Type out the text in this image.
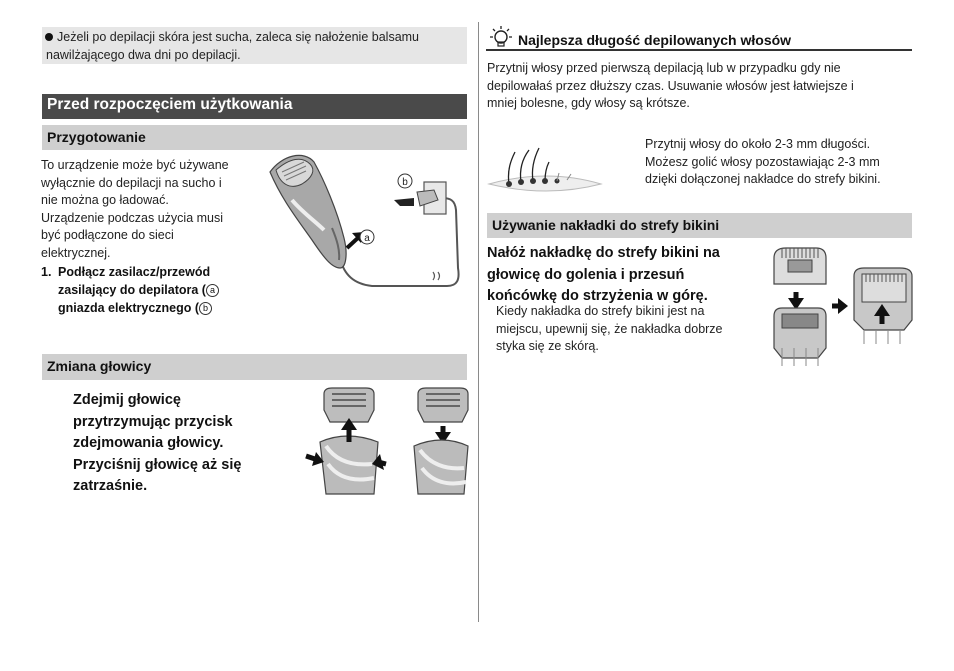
Jeżeli po depilacji skóra jest sucha, zaleca się nałożenie balsamu
nawilżającego dwa dni po depilacji.
Przed rozpoczęciem użytkowania
Przygotowanie
To urządzenie może być używane
wyłącznie do depilacji na sucho i
nie można go ładować.
Urządzenie podczas użycia musi
być podłączone do sieci
elektrycznej.
1. Podłącz zasilacz/przewód
zasilający do depilatora ( a
gniazda elektrycznego ( b
b
a
Zmiana głowicy
Zdejmij głowicę
przytrzymując przycisk
zdejmowania głowicy.
Przyciśnij głowicę aż się
zatrzaśnie.
Najlepsza długość depilowanych włosów
Przytnij włosy przed pierwszą depilacją lub w przypadku gdy nie
depilowałaś przez dłuższy czas. Usuwanie włosów jest łatwiejsze i
mniej bolesne, gdy włosy są krótsze.
Przytnij włosy do około 2-3 mm długości.
Możesz golić włosy pozostawiając 2-3 mm
dzięki dołączonej nakładce do strefy bikini.
Używanie nakładki do strefy bikini
Nałóż nakładkę do strefy bikini na
głowicę do golenia i przesuń
końcówkę do strzyżenia w górę.
Kiedy nakładka do strefy bikini jest na
miejscu, upewnij się, że nakładka dobrze
styka się ze skórą.
